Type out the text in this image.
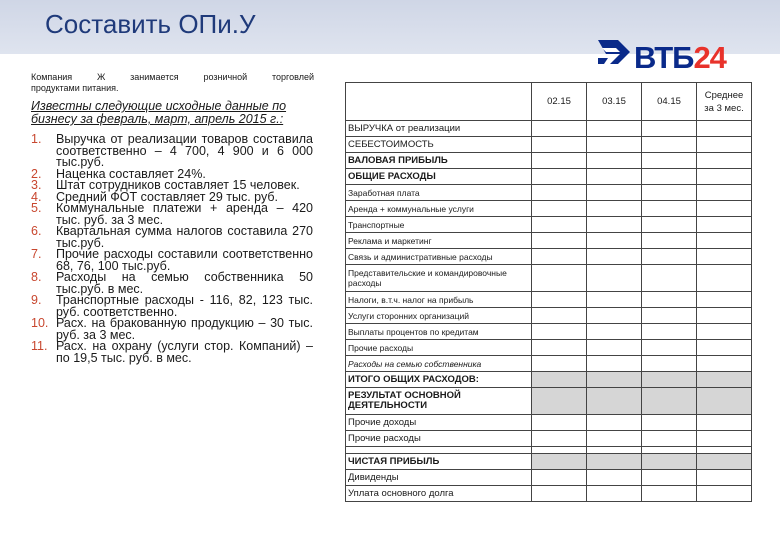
Составить ОПи.У
ВТБ24
Компания Ж занимается розничной торговлей
продуктами питания.
Известны следующие исходные данные по бизнесу за февраль, март, апрель 2015 г.:
1. Выручка от реализации товаров составила соответственно – 4 700, 4 900 и 6 000 тыс.руб.
2. Наценка составляет 24%.
3. Штат сотрудников составляет 15 человек.
4. Средний ФОТ составляет 29 тыс. руб.
5. Коммунальные платежи + аренда – 420 тыс. руб. за 3 мес.
6. Квартальная сумма налогов составила 270 тыс.руб.
7. Прочие расходы составили соответственно 68, 76, 100 тыс.руб.
8. Расходы на семью собственника 50 тыс.руб. в мес.
9. Транспортные расходы - 116, 82, 123 тыс. руб. соответственно.
10. Расх. на бракованную продукцию – 30 тыс. руб. за 3 мес.
11. Расх. на охрану (услуги стор. Компаний) – по 19,5 тыс. руб. в мес.
	02.15	03.15	04.15	Среднее за 3 мес.
ВЫРУЧКА от реализации				
СЕБЕСТОИМОСТЬ				
ВАЛОВАЯ ПРИБЫЛЬ				
ОБЩИЕ РАСХОДЫ				
Заработная плата				
Аренда + коммунальные услуги				
Транспортные				
Реклама и маркетинг				
Связь и административные расходы				
Представительские и командировочные расходы				
Налоги, в.т.ч. налог на прибыль				
Услуги сторонних организаций				
Выплаты процентов по кредитам				
Прочие расходы				
Расходы на семью собственника				
ИТОГО ОБЩИХ РАСХОДОВ:				
РЕЗУЛЬТАТ ОСНОВНОЙ ДЕЯТЕЛЬНОСТИ				
Прочие доходы				
Прочие расходы				

ЧИСТАЯ ПРИБЫЛЬ				
Дивиденды				
Уплата основного долга				
